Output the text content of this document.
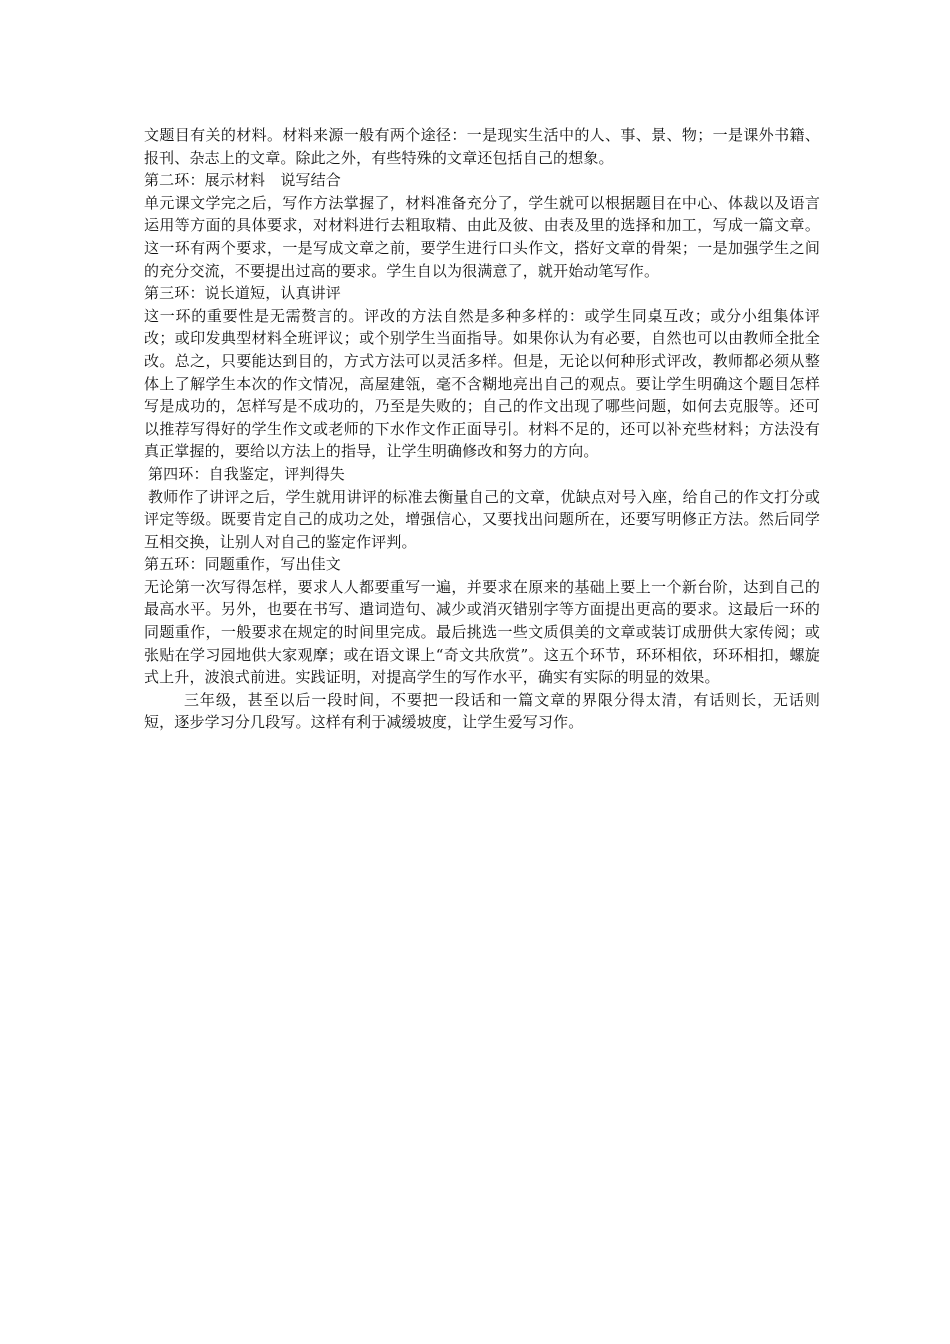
文题目有关的材料。材料来源一般有两个途径：一是现实生活中的人、事、景、物；一是课外书籍、报刊、杂志上的文章。除此之外，有些特殊的文章还包括自己的想象。

第二环：展示材料　说写结合

单元课文学完之后，写作方法掌握了，材料准备充分了，学生就可以根据题目在中心、体裁以及语言运用等方面的具体要求，对材料进行去粗取精、由此及彼、由表及里的选择和加工，写成一篇文章。这一环有两个要求，一是写成文章之前，要学生进行口头作文，搭好文章的骨架；一是加强学生之间的充分交流，不要提出过高的要求。学生自以为很满意了，就开始动笔写作。

第三环：说长道短，认真讲评

这一环的重要性是无需赘言的。评改的方法自然是多种多样的：或学生同桌互改；或分小组集体评改；或印发典型材料全班评议；或个别学生当面指导。如果你认为有必要，自然也可以由教师全批全改。总之，只要能达到目的，方式方法可以灵活多样。但是，无论以何种形式评改，教师都必须从整体上了解学生本次的作文情况，高屋建瓴，毫不含糊地亮出自己的观点。要让学生明确这个题目怎样写是成功的，怎样写是不成功的，乃至是失败的；自己的作文出现了哪些问题，如何去克服等。还可以推荐写得好的学生作文或老师的下水作文作正面导引。材料不足的，还可以补充些材料；方法没有真正掌握的，要给以方法上的指导，让学生明确修改和努力的方向。

第四环：自我鉴定，评判得失

教师作了讲评之后，学生就用讲评的标准去衡量自己的文章，优缺点对号入座，给自己的作文打分或评定等级。既要肯定自己的成功之处，增强信心，又要找出问题所在，还要写明修正方法。然后同学互相交换，让别人对自己的鉴定作评判。

第五环：同题重作，写出佳文

无论第一次写得怎样，要求人人都要重写一遍，并要求在原来的基础上要上一个新台阶，达到自己的最高水平。另外，也要在书写、遣词造句、减少或消灭错别字等方面提出更高的要求。这最后一环的同题重作，一般要求在规定的时间里完成。最后挑选一些文质俱美的文章或装订成册供大家传阅；或张贴在学习园地供大家观摩；或在语文课上“奇文共欣赏”。这五个环节，环环相依，环环相扣，螺旋式上升，波浪式前进。实践证明，对提高学生的写作水平，确实有实际的明显的效果。

三年级，甚至以后一段时间，不要把一段话和一篇文章的界限分得太清，有话则长，无话则短，逐步学习分几段写。这样有利于减缓坡度，让学生爱写习作。
